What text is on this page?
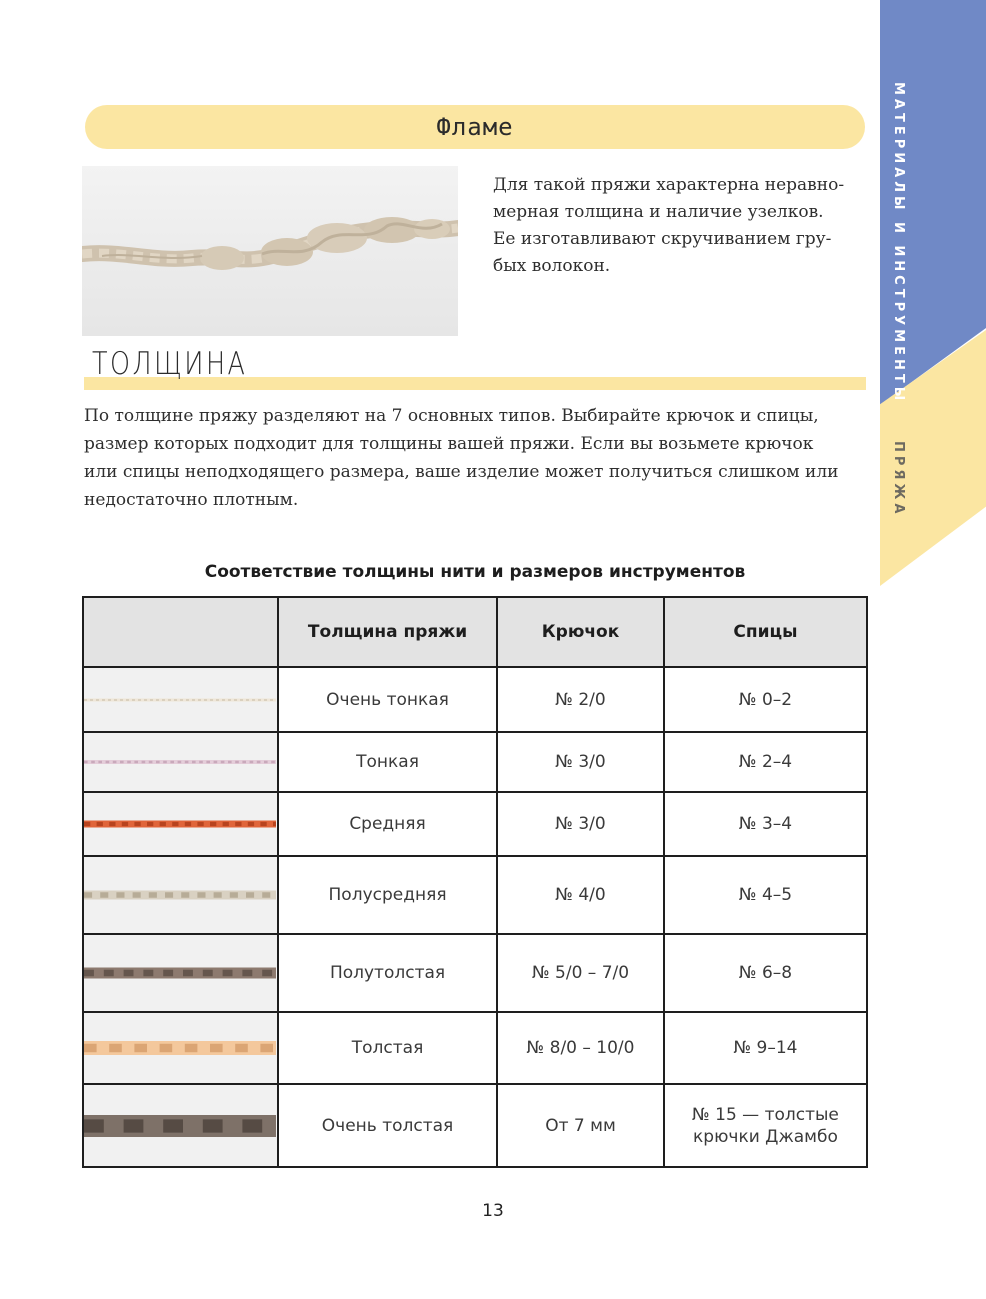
МАТЕРИАЛЫ И ИНСТРУМЕНТЫ
ПРЯЖА
Фламе

Для такой пряжи характерна неравно-

мерная толщина и наличие узелков.

Ее изготавливают скручиванием гру-

бых волокон.

ТОЛЩИНА

По толщине пряжу разделяют на 7 основных типов. Выбирайте крючок и спицы,

размер которых подходит для толщины вашей пряжи. Если вы возьмете крючок

или спицы неподходящего размера, ваше изделие может получиться слишком или

недостаточно плотным.

Соответствие толщины нити и размеров инструментов
	Толщина пряжи	Крючок	Спицы

	Очень тонкая	№ 2/0	№ 0–2

	Тонкая	№ 3/0	№ 2–4

	Средняя	№ 3/0	№ 3–4

	Полусредняя	№ 4/0	№ 4–5

	Полутолстая	№ 5/0 – 7/0	№ 6–8

	Толстая	№ 8/0 – 10/0	№ 9–14

	Очень толстая	От 7 мм	№ 15 — толстые
крючки Джамбо
13
